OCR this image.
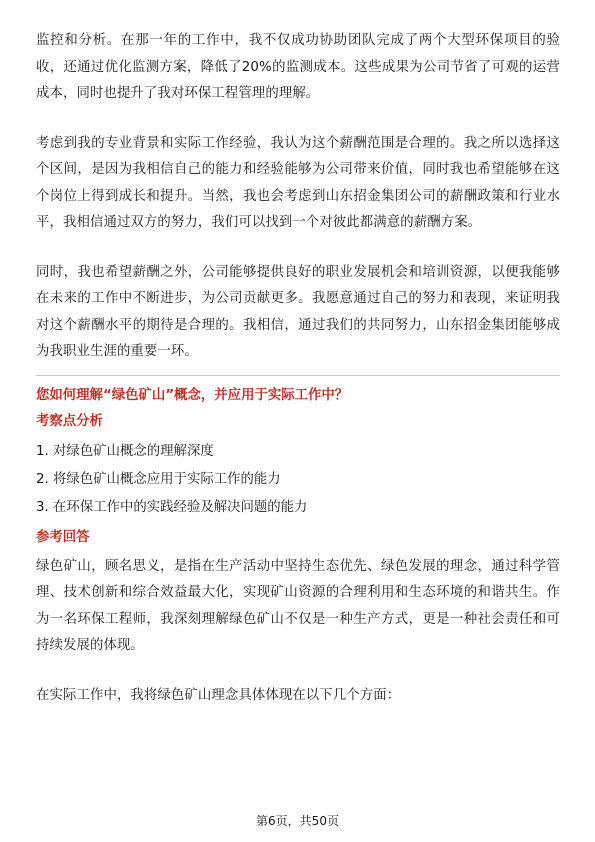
监控和分析。在那一年的工作中，我不仅成功协助团队完成了两个大型环保项目的验收，还通过优化监测方案，降低了20%的监测成本。这些成果为公司节省了可观的运营成本，同时也提升了我对环保工程管理的理解。

考虑到我的专业背景和实际工作经验，我认为这个薪酬范围是合理的。我之所以选择这个区间，是因为我相信自己的能力和经验能够为公司带来价值，同时我也希望能够在这个岗位上得到成长和提升。当然，我也会考虑到山东招金集团公司的薪酬政策和行业水平，我相信通过双方的努力，我们可以找到一个对彼此都满意的薪酬方案。

同时，我也希望薪酬之外，公司能够提供良好的职业发展机会和培训资源，以便我能够在未来的工作中不断进步，为公司贡献更多。我愿意通过自己的努力和表现，来证明我对这个薪酬水平的期待是合理的。我相信，通过我们的共同努力，山东招金集团能够成为我职业生涯的重要一环。

您如何理解“绿色矿山”概念，并应用于实际工作中？
考察点分析
1. 对绿色矿山概念的理解深度
2. 将绿色矿山概念应用于实际工作的能力
3. 在环保工作中的实践经验及解决问题的能力
参考回答

绿色矿山，顾名思义，是指在生产活动中坚持生态优先、绿色发展的理念，通过科学管理、技术创新和综合效益最大化，实现矿山资源的合理利用和生态环境的和谐共生。作为一名环保工程师，我深刻理解绿色矿山不仅是一种生产方式，更是一种社会责任和可持续发展的体现。

在实际工作中，我将绿色矿山理念具体体现在以下几个方面：

第6页，共50页
